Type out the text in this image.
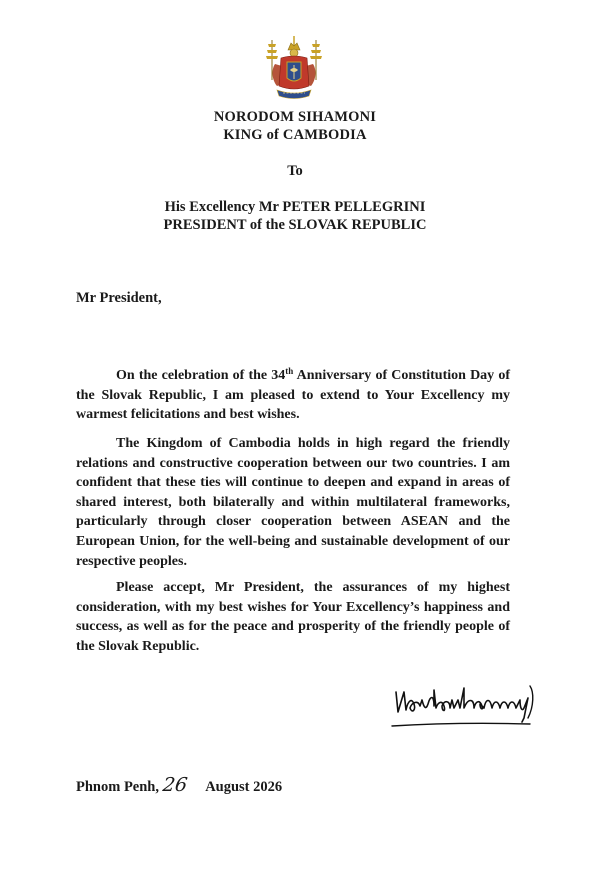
NORODOM SIHAMONI
KING of CAMBODIA
To
His Excellency Mr PETER PELLEGRINI
PRESIDENT of the SLOVAK REPUBLIC
Mr President,

On the celebration of the 34th Anniversary of Constitution Day of the Slovak Republic, I am pleased to extend to Your Excellency my warmest felicitations and best wishes.

The Kingdom of Cambodia holds in high regard the friendly relations and constructive cooperation between our two countries. I am confident that these ties will continue to deepen and expand in areas of shared interest, both bilaterally and within multilateral frameworks, particularly through closer cooperation between ASEAN and the European Union, for the well-being and sustainable development of our respective peoples.

Please accept, Mr President, the assurances of my highest consideration, with my best wishes for Your Excellency’s happiness and success, as well as for the peace and prosperity of the friendly people of the Slovak Republic.

Phnom Penh, 26 August 2026
